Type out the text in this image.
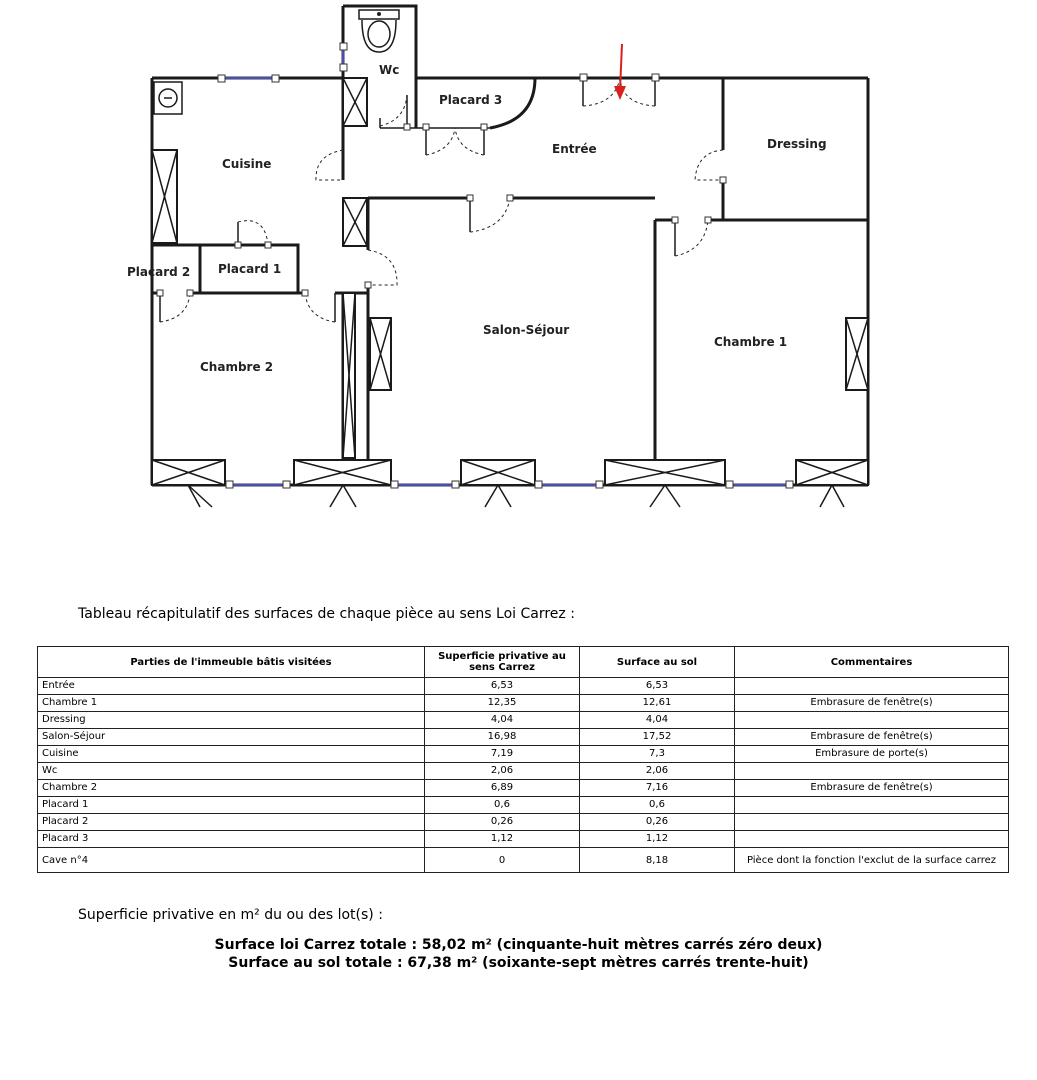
Wc
Placard 3
Entrée	Dressing
Cuisine
Placard 2 Placard 1
Salon-Séjour
Chambre 1
Chambre 2
Tableau récapitulatif des surfaces de chaque pièce au sens Loi Carrez :
Parties de l'immeuble bâtis visitées	Superficie privative au sens Carrez	Surface au sol	Commentaires
Entrée	6,53	6,53	
Chambre 1	12,35	12,61	Embrasure de fenêtre(s)
Dressing	4,04	4,04	
Salon-Séjour	16,98	17,52	Embrasure de fenêtre(s)
Cuisine	7,19	7,3	Embrasure de porte(s)
Wc	2,06	2,06	
Chambre 2	6,89	7,16	Embrasure de fenêtre(s)
Placard 1	0,6	0,6	
Placard 2	0,26	0,26	
Placard 3	1,12	1,12	
Cave n°4	0	8,18	Pièce dont la fonction l'exclut de la surface carrez
Superficie privative en m² du ou des lot(s) :
Surface loi Carrez totale : 58,02 m² (cinquante-huit mètres carrés zéro deux)
Surface au sol totale : 67,38 m² (soixante-sept mètres carrés trente-huit)
